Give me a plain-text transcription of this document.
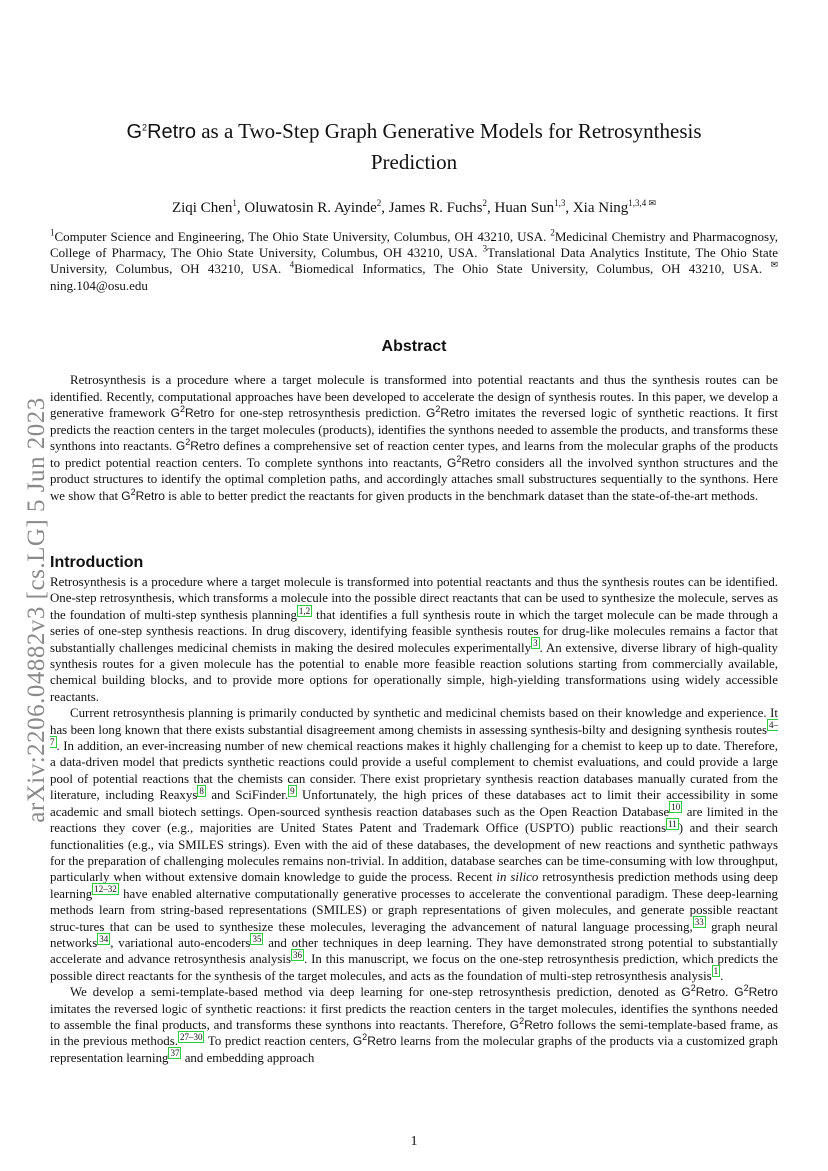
arXiv:2206.04882v3 [cs.LG] 5 Jun 2023
$G^2Retro$ as a Two-Step Graph Generative Models for Retrosynthesis
Prediction
Ziqi Chen$^1$, Oluwatosin R. Ayinde$^2$, James R. Fuchs$^2$, Huan Sun$^{1,3}$, Xia Ning$^{1,3,4 ✉}$
$^1$Computer Science and Engineering, The Ohio State University, Columbus, OH 43210, USA. $^2$Medicinal Chemistry and Pharmacognosy, College of Pharmacy, The Ohio State University, Columbus, OH 43210, USA. $^3$Translational Data Analytics Institute, The Ohio State University, Columbus, OH 43210, USA. $^4$Biomedical Informatics, The Ohio State University, Columbus, OH 43210, USA. ✉ning.104@osu.edu
Abstract

Retrosynthesis is a procedure where a target molecule is transformed into potential reactants and thus the synthesis routes can be identified. Recently, computational approaches have been developed to accelerate the design of synthesis routes. In this paper, we develop a generative framework $G^2Retro$ for one-step retrosynthesis prediction. $G^2Retro$ imitates the reversed logic of synthetic reactions. It first predicts the reaction centers in the target molecules (products), identifies the synthons needed to assemble the products, and transforms these synthons into reactants. $G^2Retro$ defines a comprehensive set of reaction center types, and learns from the molecular graphs of the products to predict potential reaction centers. To complete synthons into reactants, $G^2Retro$ considers all the involved synthon structures and the product structures to identify the optimal completion paths, and accordingly attaches small substructures sequentially to the synthons. Here we show that $G^2Retro$ is able to better predict the reactants for given products in the benchmark dataset than the state-of-the-art methods.

Introduction

Retrosynthesis is a procedure where a target molecule is transformed into potential reactants and thus the synthesis routes can be identified. One-step retrosynthesis, which transforms a molecule into the possible direct reactants that can be used to synthesize the molecule, serves as the foundation of multi-step synthesis planning $^{1,2}$ that identifies a full synthesis route in which the target molecule can be made through a series of one-step synthesis reactions. In drug discovery, identifying feasible synthesis routes for drug-like molecules remains a factor that substantially challenges medicinal chemists in making the desired molecules experimentally $^3$ . An extensive, diverse library of high-quality synthesis routes for a given molecule has the potential to enable more feasible reaction solutions starting from commercially available, chemical building blocks, and to provide more options for operationally simple, high-yielding transformations using widely accessible reactants.

Current retrosynthesis planning is primarily conducted by synthetic and medicinal chemists based on their knowledge and experience. It has been long known that there exists substantial disagreement among chemists in assessing synthesis-bilty and designing synthesis routes $^{4-7}$ . In addition, an ever-increasing number of new chemical reactions makes it highly challenging for a chemist to keep up to date. Therefore, a data-driven model that predicts synthetic reactions could provide a useful complement to chemist evaluations, and could provide a large pool of potential reactions that the chemists can consider. There exist proprietary synthesis reaction databases manually curated from the literature, including Reaxys $^8$ and SciFinder. $^9$ Unfortunately, the high prices of these databases act to limit their accessibility in some academic and small biotech settings. Open-sourced synthesis reaction databases such as the Open Reaction Database $^{10}$ are limited in the reactions they cover (e.g., majorities are United States Patent and Trademark Office (USPTO) public reactions $^{11}$ ) and their search functionalities (e.g., via SMILES strings). Even with the aid of these databases, the development of new reactions and synthetic pathways for the preparation of challenging molecules remains non-trivial. In addition, database searches can be time-consuming with low throughput, particularly when without extensive domain knowledge to guide the process. Recent in silico retrosynthesis prediction methods using deep learning $^{12-32}$ have enabled alternative computationally generative processes to accelerate the conventional paradigm. These deep-learning methods learn from string-based representations (SMILES) or graph representations of given molecules, and generate possible reactant struc-tures that can be used to synthesize these molecules, leveraging the advancement of natural language processing, $^{33}$ graph neural networks $^{34}$ , variational auto-encoders $^{35}$ and other techniques in deep learning. They have demonstrated strong potential to substantially accelerate and advance retrosynthesis analysis $^{36}$ . In this manuscript, we focus on the one-step retrosynthesis prediction, which predicts the possible direct reactants for the synthesis of the target molecules, and acts as the foundation of multi-step retrosynthesis analysis $^1$ .

We develop a semi-template-based method via deep learning for one-step retrosynthesis prediction, denoted as $G^2Retro$. $G^2Retro$ imitates the reversed logic of synthetic reactions: it first predicts the reaction centers in the target molecules, identifies the synthons needed to assemble the final products, and transforms these synthons into reactants. Therefore, $G^2Retro$ follows the semi-template-based frame, as in the previous methods. $^{27-30}$ To predict reaction centers, $G^2Retro$ learns from the molecular graphs of the products via a customized graph representation learning $^{37}$ and embedding approach

1
